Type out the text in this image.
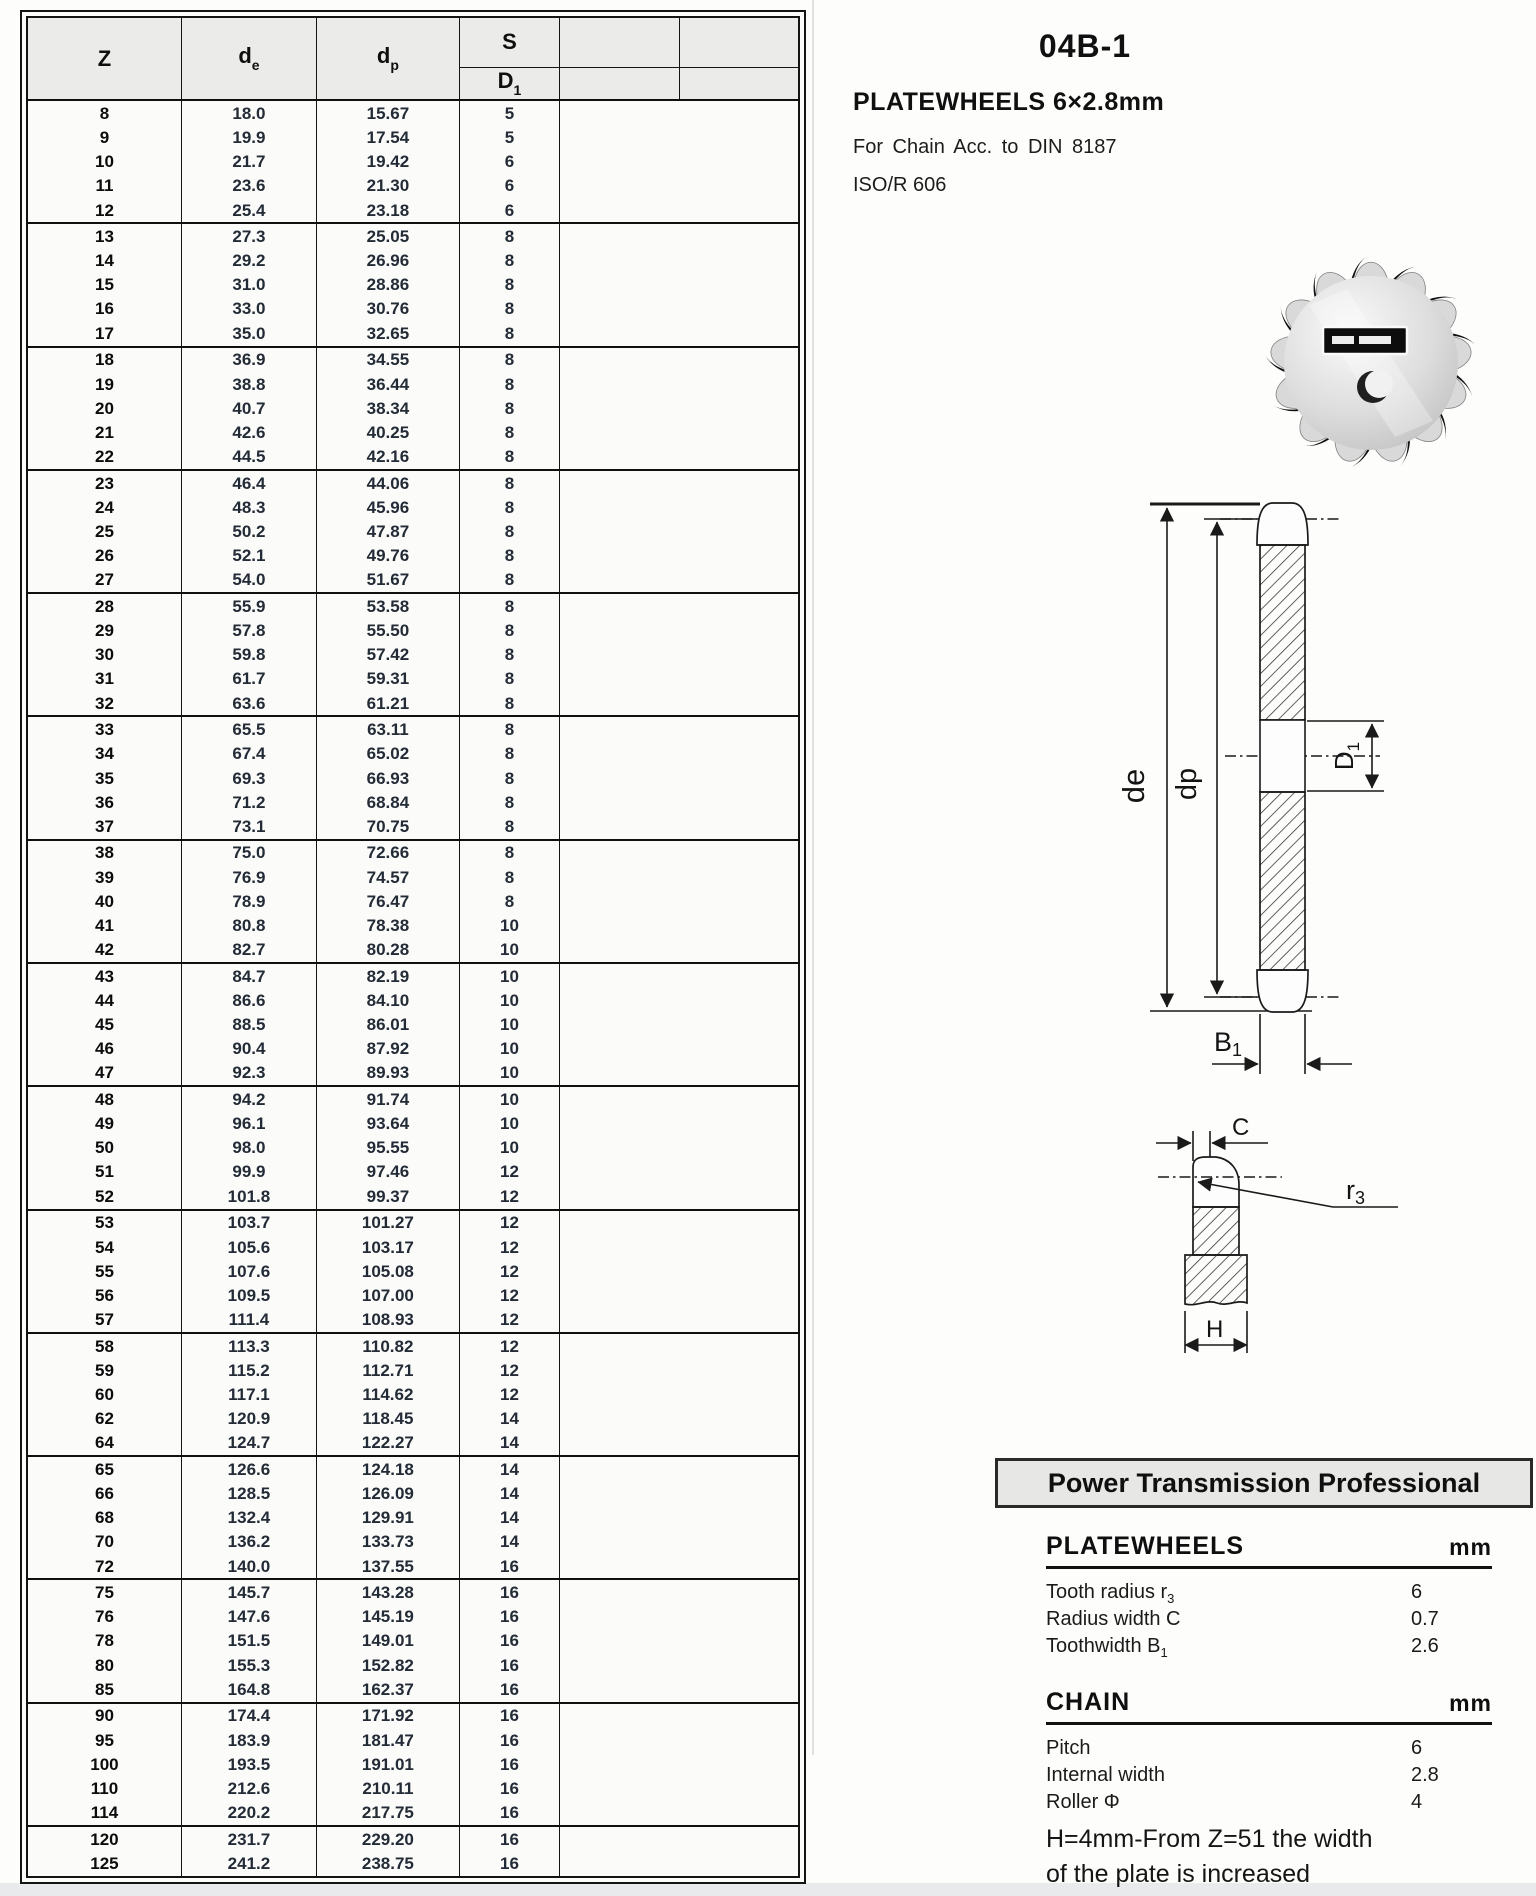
Z	$d_e$	$d_p$	S		
			$D_1$		
8	18.0	15.67	5		
9	19.9	17.54	5		
10	21.7	19.42	6		
11	23.6	21.30	6		
12	25.4	23.18	6		
13	27.3	25.05	8		
14	29.2	26.96	8		
15	31.0	28.86	8		
16	33.0	30.76	8		
17	35.0	32.65	8		
18	36.9	34.55	8		
19	38.8	36.44	8		
20	40.7	38.34	8		
21	42.6	40.25	8		
22	44.5	42.16	8		
23	46.4	44.06	8		
24	48.3	45.96	8		
25	50.2	47.87	8		
26	52.1	49.76	8		
27	54.0	51.67	8		
28	55.9	53.58	8		
29	57.8	55.50	8		
30	59.8	57.42	8		
31	61.7	59.31	8		
32	63.6	61.21	8		
33	65.5	63.11	8		
34	67.4	65.02	8		
35	69.3	66.93	8		
36	71.2	68.84	8		
37	73.1	70.75	8		
38	75.0	72.66	8		
39	76.9	74.57	8		
40	78.9	76.47	8		
41	80.8	78.38	10		
42	82.7	80.28	10		
43	84.7	82.19	10		
44	86.6	84.10	10		
45	88.5	86.01	10		
46	90.4	87.92	10		
47	92.3	89.93	10		
48	94.2	91.74	10		
49	96.1	93.64	10		
50	98.0	95.55	10		
51	99.9	97.46	12		
52	101.8	99.37	12		
53	103.7	101.27	12		
54	105.6	103.17	12		
55	107.6	105.08	12		
56	109.5	107.00	12		
57	111.4	108.93	12		
58	113.3	110.82	12		
59	115.2	112.71	12		
60	117.1	114.62	12		
62	120.9	118.45	14		
64	124.7	122.27	14		
65	126.6	124.18	14		
66	128.5	126.09	14		
68	132.4	129.91	14		
70	136.2	133.73	14		
72	140.0	137.55	16		
75	145.7	143.28	16		
76	147.6	145.19	16		
78	151.5	149.01	16		
80	155.3	152.82	16		
85	164.8	162.37	16		
90	174.4	171.92	16		
95	183.9	181.47	16		
100	193.5	191.01	16		
110	212.6	210.11	16		
114	220.2	217.75	16		
120	231.7	229.20	16		
125	241.2	238.75	16		
04B-1
PLATEWHEELS 6×2.8mm
For Chain Acc. to DIN 8187
ISO/R 606
de dp
$D_1$
B1
C
r3
H
Power Transmission Professional
PLATEWHEELS	mm
Tooth radius $r_3$	6
Radius width C	0.7
Toothwidth $B_1$	2.6
CHAIN	mm
Pitch	6
Internal width	2.8
Roller Φ	4
H=4mm-From Z=51 the width
of the plate is increased
